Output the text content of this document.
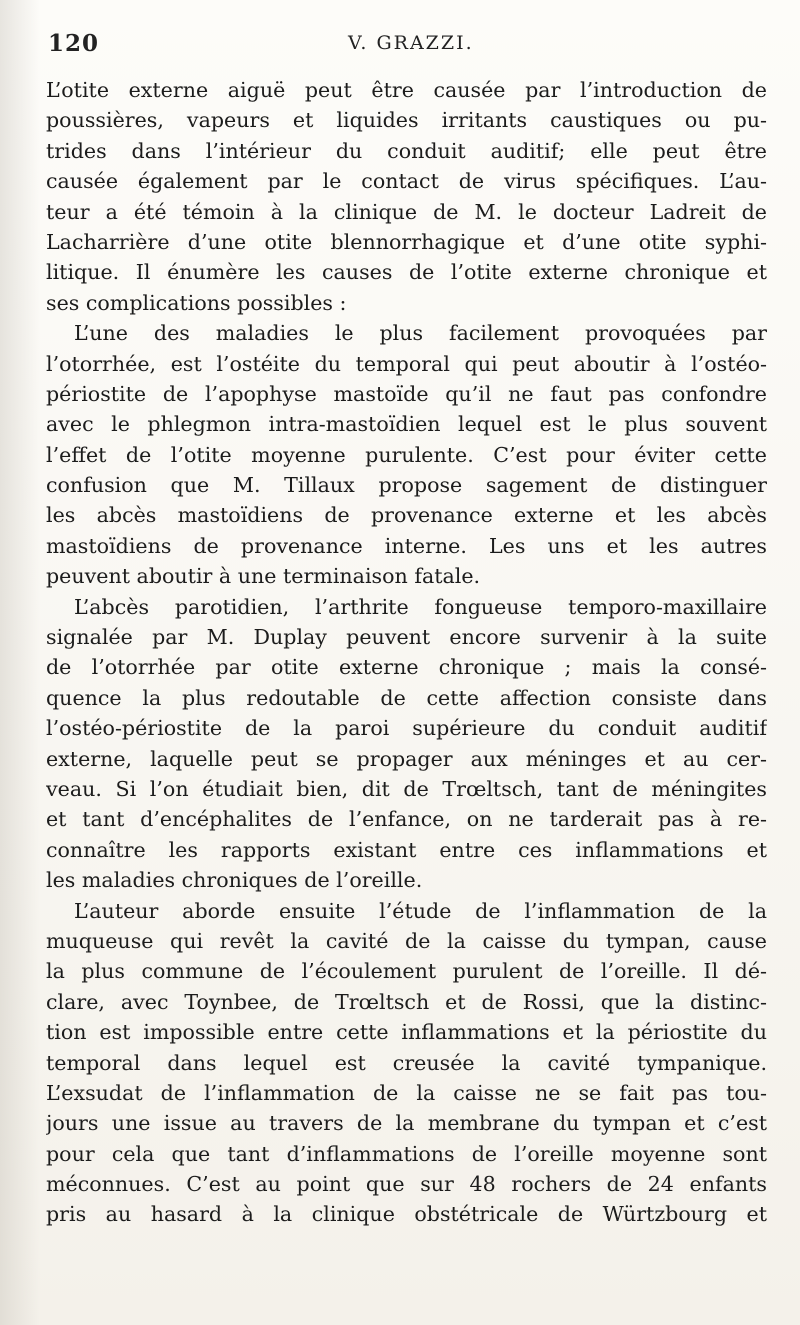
120	V. GRAZZI.
L’otite externe aiguë peut être causée par l’introduction de
poussières, vapeurs et liquides irritants caustiques ou pu-
trides dans l’intérieur du conduit auditif; elle peut être
causée également par le contact de virus spécifiques. L’au-
teur a été témoin à la clinique de M. le docteur Ladreit de
Lacharrière d’une otite blennorrhagique et d’une otite syphi-
litique. Il énumère les causes de l’otite externe chronique et
ses complications possibles :
L’une des maladies le plus facilement provoquées par
l’otorrhée, est l’ostéite du temporal qui peut aboutir à l’ostéo-
périostite de l’apophyse mastoïde qu’il ne faut pas confondre
avec le phlegmon intra-mastoïdien lequel est le plus souvent
l’effet de l’otite moyenne purulente. C’est pour éviter cette
confusion que M. Tillaux propose sagement de distinguer
les abcès mastoïdiens de provenance externe et les abcès
mastoïdiens de provenance interne. Les uns et les autres
peuvent aboutir à une terminaison fatale.
L’abcès parotidien, l’arthrite fongueuse temporo-maxillaire
signalée par M. Duplay peuvent encore survenir à la suite
de l’otorrhée par otite externe chronique ; mais la consé-
quence la plus redoutable de cette affection consiste dans
l’ostéo-périostite de la paroi supérieure du conduit auditif
externe, laquelle peut se propager aux méninges et au cer-
veau. Si l’on étudiait bien, dit de Trœltsch, tant de méningites
et tant d’encéphalites de l’enfance, on ne tarderait pas à re-
connaître les rapports existant entre ces inflammations et
les maladies chroniques de l’oreille.
L’auteur aborde ensuite l’étude de l’inflammation de la
muqueuse qui revêt la cavité de la caisse du tympan, cause
la plus commune de l’écoulement purulent de l’oreille. Il dé-
clare, avec Toynbee, de Trœltsch et de Rossi, que la distinc-
tion est impossible entre cette inflammations et la périostite du
temporal dans lequel est creusée la cavité tympanique.
L’exsudat de l’inflammation de la caisse ne se fait pas tou-
jours une issue au travers de la membrane du tympan et c’est
pour cela que tant d’inflammations de l’oreille moyenne sont
méconnues. C’est au point que sur 48 rochers de 24 enfants
pris au hasard à la clinique obstétricale de Würtzbourg et
